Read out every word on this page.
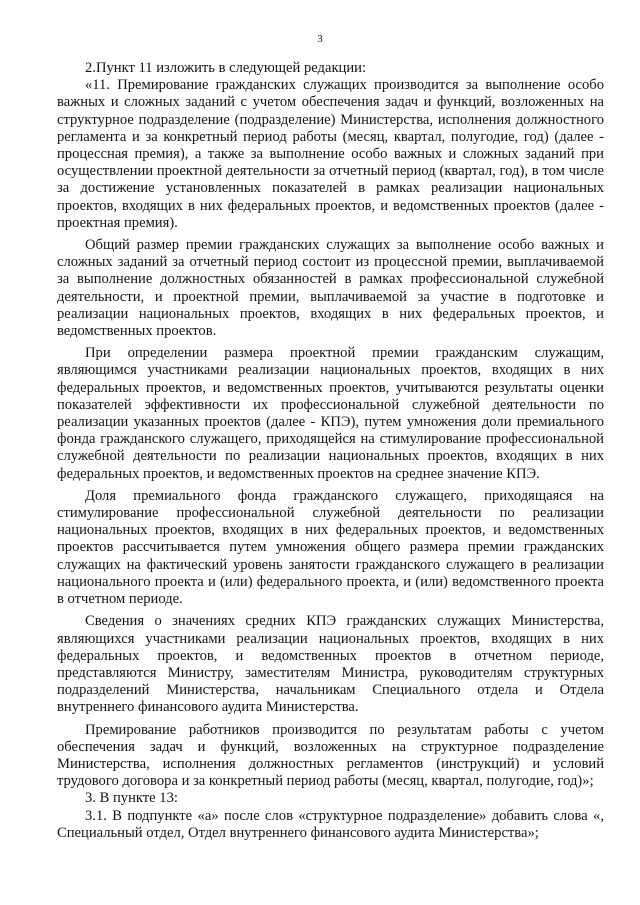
3

2.Пункт 11 изложить в следующей редакции:

«11. Премирование гражданских служащих производится за выполнение особо важных и сложных заданий с учетом обеспечения задач и функций, возложенных на структурное подразделение (подразделение) Министерства, исполнения должностного регламента и за конкретный период работы (месяц, квартал, полугодие, год) (далее - процессная премия), а также за выполнение особо важных и сложных заданий при осуществлении проектной деятельности за отчетный период (квартал, год), в том числе за достижение установленных показателей в рамках реализации национальных проектов, входящих в них федеральных проектов, и ведомственных проектов (далее - проектная премия).

Общий размер премии гражданских служащих за выполнение особо важных и сложных заданий за отчетный период состоит из процессной премии, выплачиваемой за выполнение должностных обязанностей в рамках профессиональной служебной деятельности, и проектной премии, выплачиваемой за участие в подготовке и реализации национальных проектов, входящих в них федеральных проектов, и ведомственных проектов.

При определении размера проектной премии гражданским служащим, являющимся участниками реализации национальных проектов, входящих в них федеральных проектов, и ведомственных проектов, учитываются результаты оценки показателей эффективности их профессиональной служебной деятельности по реализации указанных проектов (далее - КПЭ), путем умножения доли премиального фонда гражданского служащего, приходящейся на стимулирование профессиональной служебной деятельности по реализации национальных проектов, входящих в них федеральных проектов, и ведомственных проектов на среднее значение КПЭ.

Доля премиального фонда гражданского служащего, приходящаяся на стимулирование профессиональной служебной деятельности по реализации национальных проектов, входящих в них федеральных проектов, и ведомственных проектов рассчитывается путем умножения общего размера премии гражданских служащих на фактический уровень занятости гражданского служащего в реализации национального проекта и (или) федерального проекта, и (или) ведомственного проекта в отчетном периоде.

Сведения о значениях средних КПЭ гражданских служащих Министерства, являющихся участниками реализации национальных проектов, входящих в них федеральных проектов, и ведомственных проектов в отчетном периоде, представляются Министру, заместителям Министра, руководителям структурных подразделений Министерства, начальникам Специального отдела и Отдела внутреннего финансового аудита Министерства.

Премирование работников производится по результатам работы с учетом обеспечения задач и функций, возложенных на структурное подразделение Министерства, исполнения должностных регламентов (инструкций) и условий трудового договора и за конкретный период работы (месяц, квартал, полугодие, год)»;

3. В пункте 13:

3.1. В подпункте «а» после слов «структурное подразделение» добавить слова «, Специальный отдел, Отдел внутреннего финансового аудита Министерства»;
